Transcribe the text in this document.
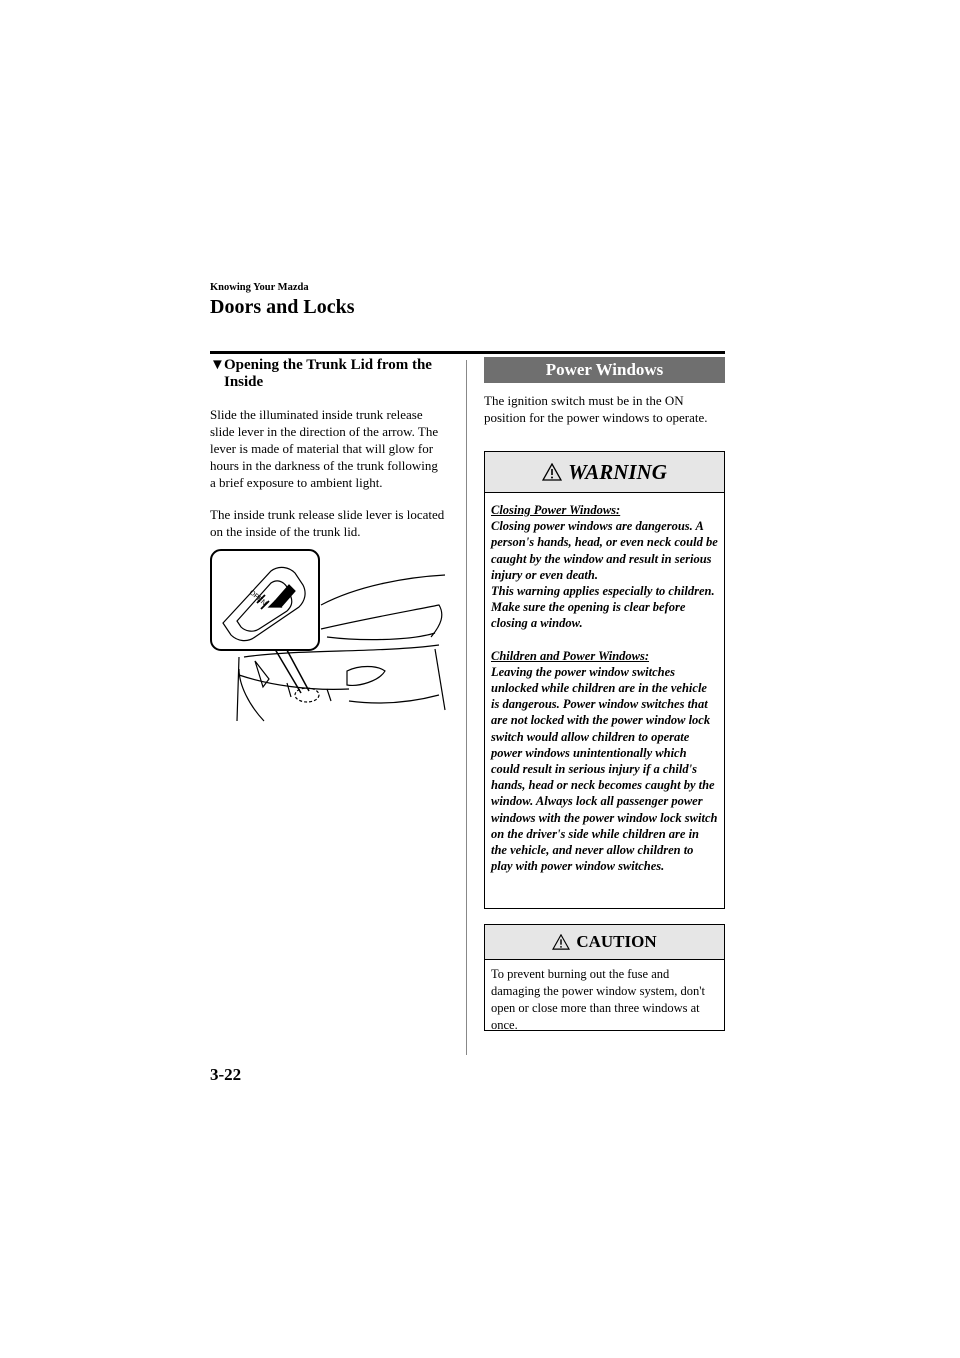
Knowing Your Mazda
Doors and Locks
▼ Opening the Trunk Lid from the
Inside
Slide the illuminated inside trunk release slide lever in the direction of the arrow. The lever is made of material that will glow for hours in the darkness of the trunk following a brief exposure to ambient light.
The inside trunk release slide lever is located on the inside of the trunk lid.
OPEN
Power Windows
The ignition switch must be in the ON position for the power windows to operate.
WARNING
Closing Power Windows:
Closing power windows are dangerous. A person's hands, head, or even neck could be caught by the window and result in serious injury or even death.
This warning applies especially to children. Make sure the opening is clear before closing a window.
Children and Power Windows:
Leaving the power window switches unlocked while children are in the vehicle is dangerous. Power window switches that are not locked with the power window lock switch would allow children to operate power windows unintentionally which could result in serious injury if a child's hands, head or neck becomes caught by the window. Always lock all passenger power windows with the power window lock switch on the driver's side while children are in the vehicle, and never allow children to play with power window switches.
CAUTION
To prevent burning out the fuse and damaging the power window system, don't open or close more than three windows at once.
3-22
